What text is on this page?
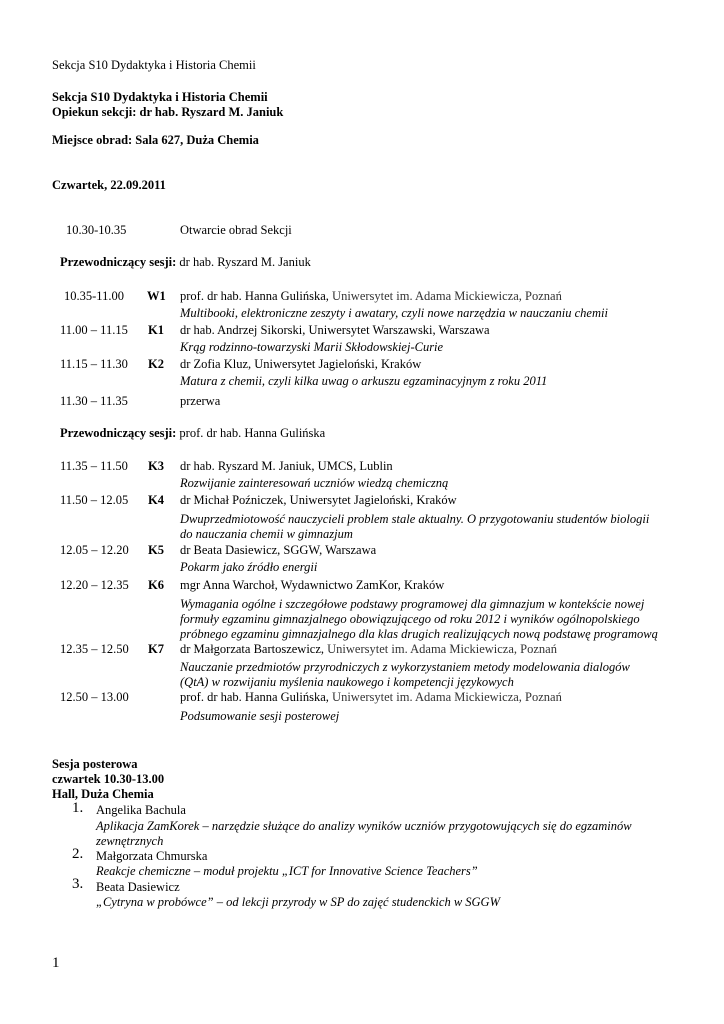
Sekcja S10 Dydaktyka i Historia Chemii
Sekcja S10 Dydaktyka i Historia Chemii
Opiekun sekcji: dr hab. Ryszard M. Janiuk
Miejsce obrad: Sala 627, Duża Chemia
Czwartek, 22.09.2011
10.30-10.35	Otwarcie obrad Sekcji
Przewodniczący sesji: dr hab. Ryszard M. Janiuk
10.35-11.00 W1 prof. dr hab. Hanna Gulińska, Uniwersytet im. Adama Mickiewicza, Poznań
Multibooki, elektroniczne zeszyty i awatary, czyli nowe narzędzia w nauczaniu chemii
11.00 – 11.15 K1 dr hab. Andrzej Sikorski, Uniwersytet Warszawski, Warszawa
Krąg rodzinno-towarzyski Marii Skłodowskiej-Curie
11.15 – 11.30 K2 dr Zofia Kluz, Uniwersytet Jagieloński, Kraków
Matura z chemii, czyli kilka uwag o arkuszu egzaminacyjnym z roku 2011
11.30 – 11.35	przerwa
Przewodniczący sesji: prof. dr hab. Hanna Gulińska
11.35 – 11.50 K3 dr hab. Ryszard M. Janiuk, UMCS, Lublin
Rozwijanie zainteresowań uczniów wiedzą chemiczną
11.50 – 12.05 K4 dr Michał Poźniczek, Uniwersytet Jagieloński, Kraków
Dwuprzedmiotowość nauczycieli problem stale aktualny. O przygotowaniu studentów biologii
do nauczania chemii w gimnazjum
12.05 – 12.20 K5 dr Beata Dasiewicz, SGGW, Warszawa
Pokarm jako źródło energii
12.20 – 12.35 K6 mgr Anna Warchoł, Wydawnictwo ZamKor, Kraków
Wymagania ogólne i szczegółowe podstawy programowej dla gimnazjum w kontekście nowej
formuły egzaminu gimnazjalnego obowiązującego od roku 2012 i wyników ogólnopolskiego
próbnego egzaminu gimnazjalnego dla klas drugich realizujących nową podstawę programową
12.35 – 12.50 K7 dr Małgorzata Bartoszewicz, Uniwersytet im. Adama Mickiewicza, Poznań
Nauczanie przedmiotów przyrodniczych z wykorzystaniem metody modelowania dialogów
(QtA) w rozwijaniu myślenia naukowego i kompetencji językowych
12.50 – 13.00	prof. dr hab. Hanna Gulińska, Uniwersytet im. Adama Mickiewicza, Poznań
Podsumowanie sesji posterowej
Sesja posterowa
czwartek 10.30-13.00
Hall, Duża Chemia
1. Angelika Bachula
Aplikacja ZamKorek – narzędzie służące do analizy wyników uczniów przygotowujących się do egzaminów
zewnętrznych
2. Małgorzata Chmurska
Reakcje chemiczne – moduł projektu „ICT for Innovative Science Teachers”
3. Beata Dasiewicz
„Cytryna w probówce” – od lekcji przyrody w SP do zajęć studenckich w SGGW
1
